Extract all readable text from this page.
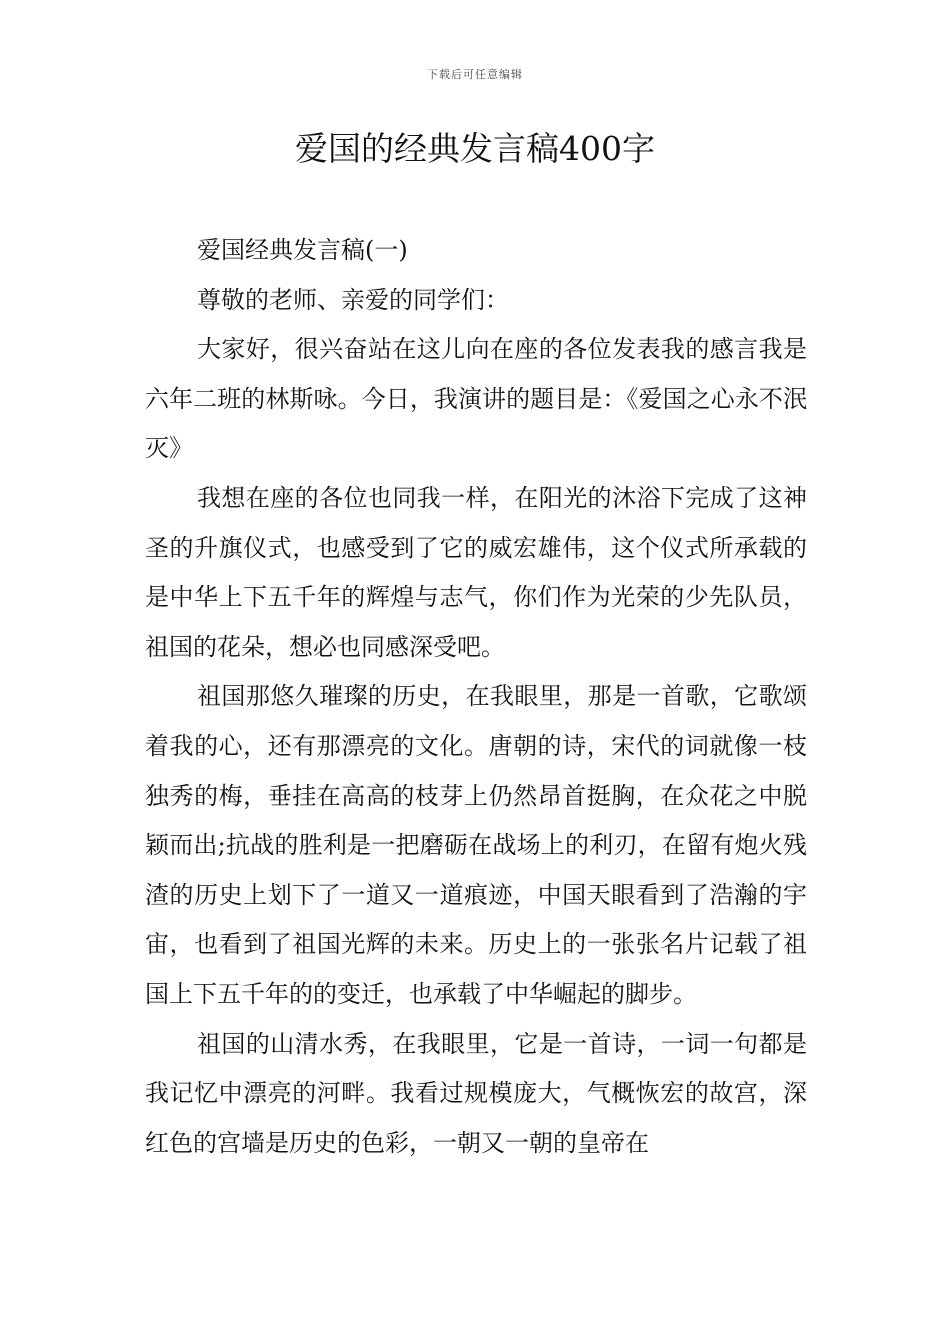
下载后可任意编辑
爱国的经典发言稿400字

爱国经典发言稿(一)

尊敬的老师、亲爱的同学们：

大家好，很兴奋站在这儿向在座的各位发表我的感言我是六年二班的林斯咏。今日，我演讲的题目是：《爱国之心永不泯灭》

我想在座的各位也同我一样，在阳光的沐浴下完成了这神圣的升旗仪式，也感受到了它的威宏雄伟，这个仪式所承载的是中华上下五千年的辉煌与志气，你们作为光荣的少先队员，祖国的花朵，想必也同感深受吧。

祖国那悠久璀璨的历史，在我眼里，那是一首歌，它歌颂着我的心，还有那漂亮的文化。唐朝的诗，宋代的词就像一枝独秀的梅，垂挂在高高的枝芽上仍然昂首挺胸，在众花之中脱颖而出;抗战的胜利是一把磨砺在战场上的利刃，在留有炮火残渣的历史上划下了一道又一道痕迹，中国天眼看到了浩瀚的宇宙，也看到了祖国光辉的未来。历史上的一张张名片记载了祖国上下五千年的的变迁，也承载了中华崛起的脚步。

祖国的山清水秀，在我眼里，它是一首诗，一词一句都是我记忆中漂亮的河畔。我看过规模庞大，气概恢宏的故宫，深红色的宫墙是历史的色彩，一朝又一朝的皇帝在
